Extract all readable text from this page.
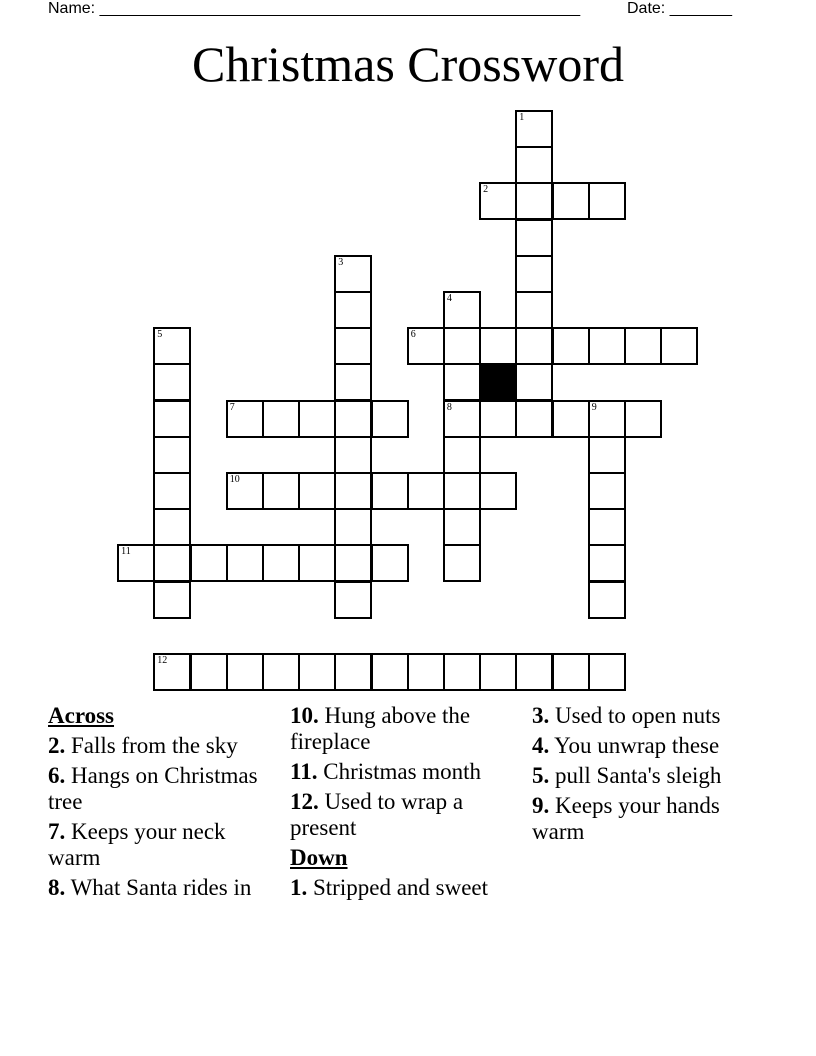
Name: ______________________________________________________	Date: _______
Christmas Crossword
1
2
3
4
8
5	6
7	9
10
11
12
Across
2. Falls from the sky
6. Hangs on Christmas tree
7. Keeps your neck warm
8. What Santa rides in
10. Hung above the fireplace
11. Christmas month
12. Used to wrap a present
Down
1. Stripped and sweet
3. Used to open nuts
4. You unwrap these
5. pull Santa's sleigh
9. Keeps your hands warm
